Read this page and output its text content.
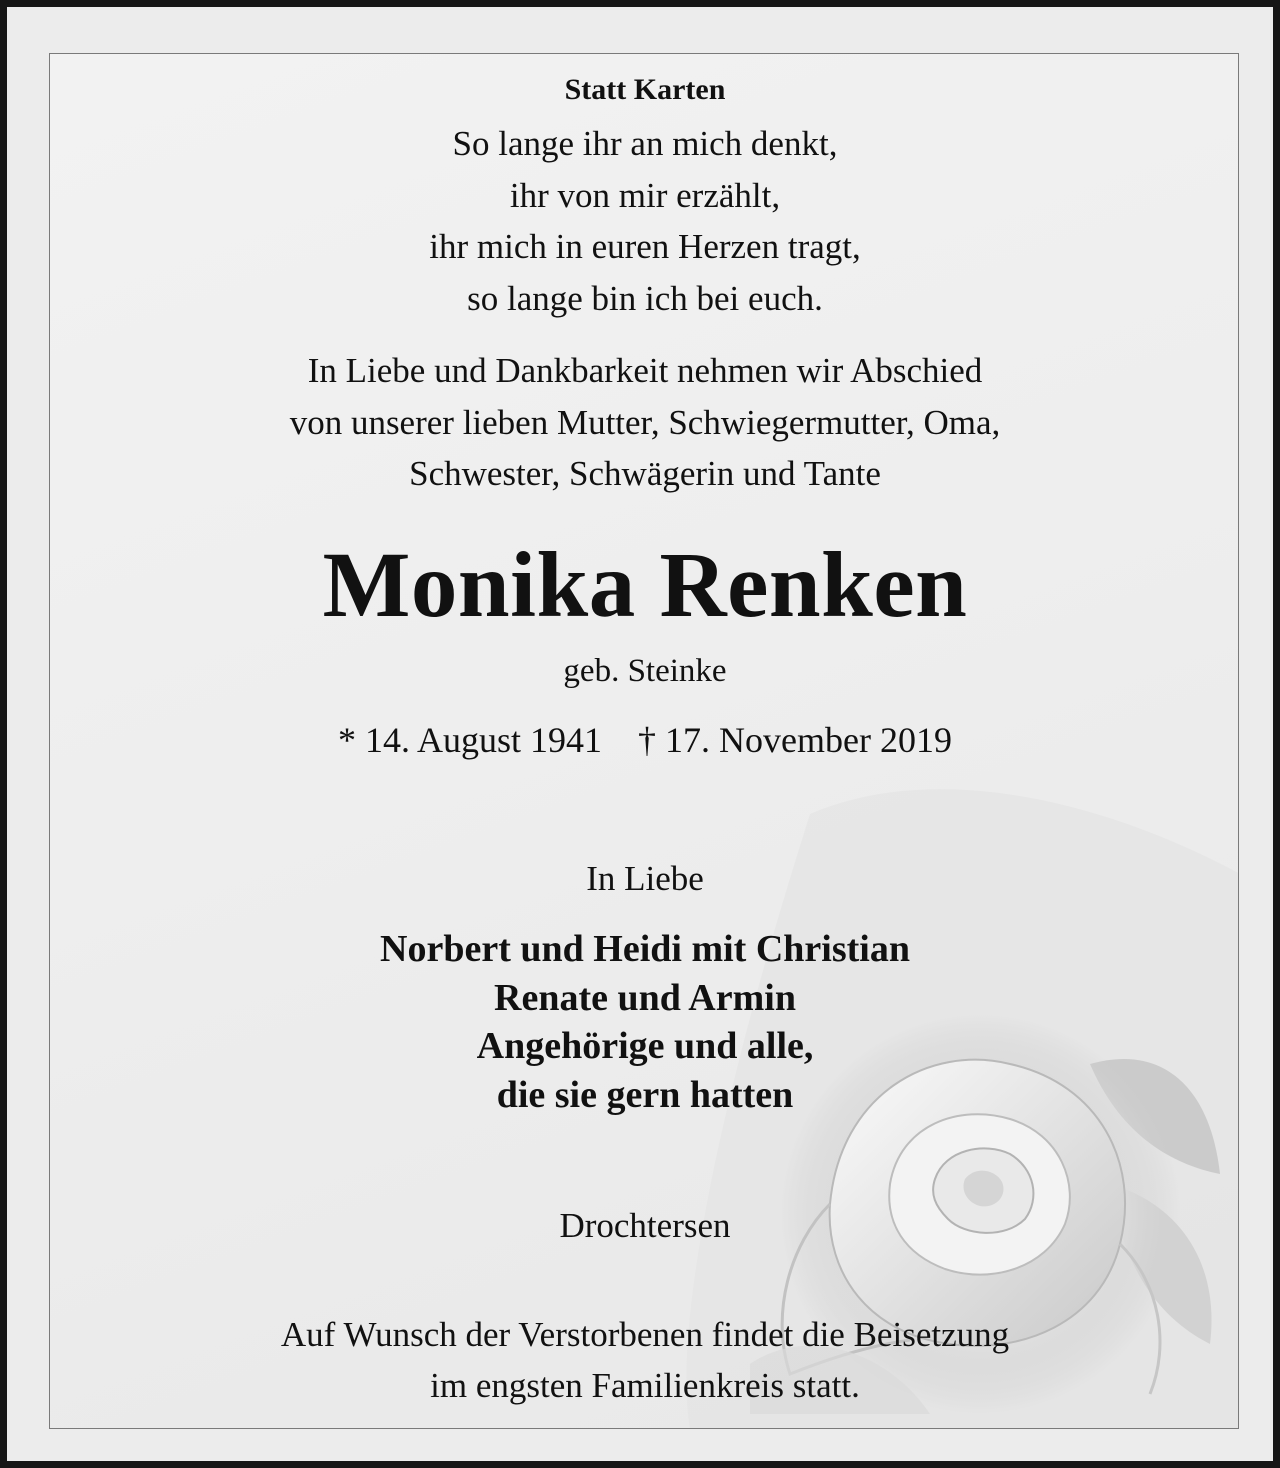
Statt Karten

So lange ihr an mich denkt,
ihr von mir erzählt,
ihr mich in euren Herzen tragt,
so lange bin ich bei euch.

In Liebe und Dankbarkeit nehmen wir Abschied
von unserer lieben Mutter, Schwiegermutter, Oma,
Schwester, Schwägerin und Tante

Monika Renken

geb. Steinke

* 14. August 1941 † 17. November 2019

In Liebe

Norbert und Heidi mit Christian
Renate und Armin
Angehörige und alle,
die sie gern hatten

Drochtersen

Auf Wunsch der Verstorbenen findet die Beisetzung
im engsten Familienkreis statt.
